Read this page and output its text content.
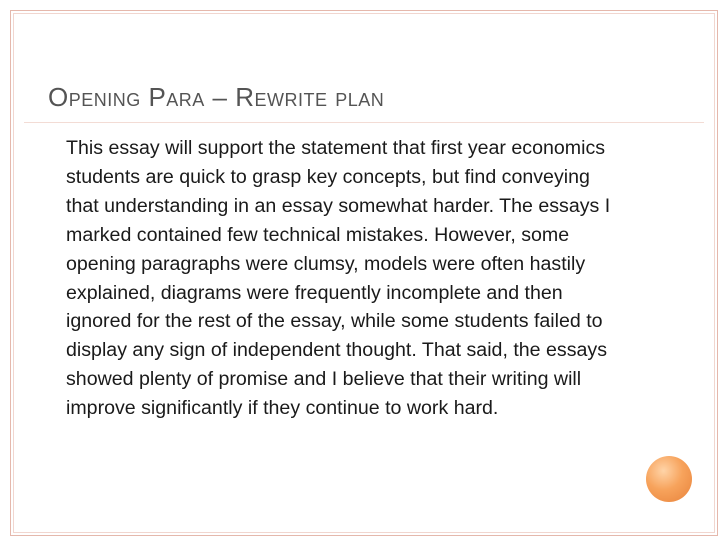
Opening Para – Rewrite plan

This essay will support the statement that first year economics students are quick to grasp key concepts, but find conveying that understanding in an essay somewhat harder. The essays I marked contained few technical mistakes. However, some opening paragraphs were clumsy, models were often hastily explained, diagrams were frequently incomplete and then ignored for the rest of the essay, while some students failed to display any sign of independent thought. That said, the essays showed plenty of promise and I believe that their writing will improve significantly if they continue to work hard.
